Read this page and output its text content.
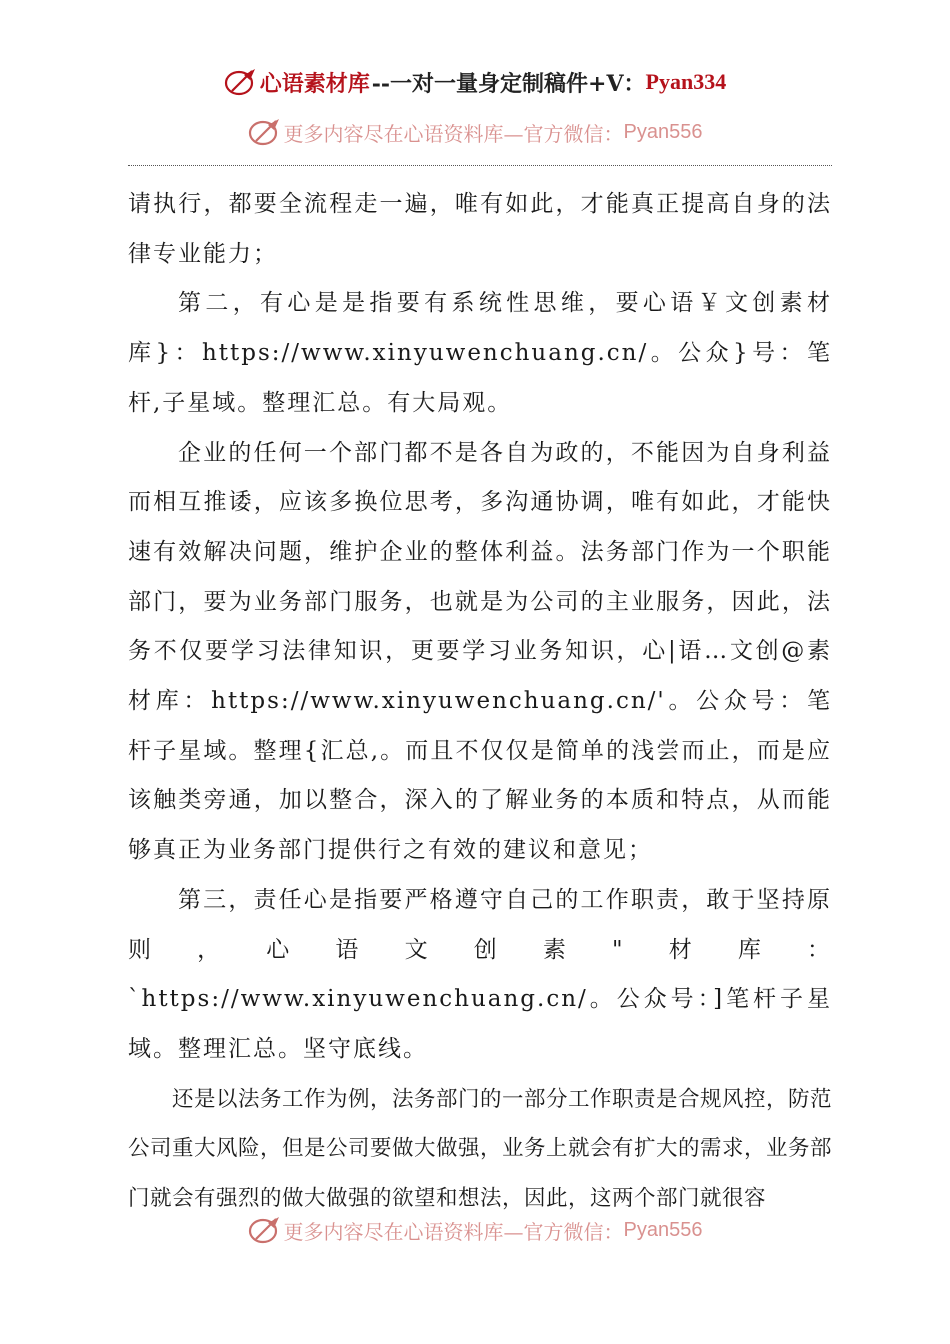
心语素材库 --一对一量身定制稿件+V： Pyan334
更多内容尽在心语资料库—官方微信： Pyan556

请执行，都要全流程走一遍，唯有如此，才能真正提高自身的法律专业能力；

第二，有心是是指要有系统性思维，要心语￥文创素材库}：https://www.xinyuwenchuang.cn/。公众}号：笔杆,子星域。整理汇总。有大局观。

企业的任何一个部门都不是各自为政的，不能因为自身利益而相互推诿，应该多换位思考，多沟通协调，唯有如此，才能快速有效解决问题，维护企业的整体利益。法务部门作为一个职能部门，要为业务部门服务，也就是为公司的主业服务，因此，法务不仅要学习法律知识，更要学习业务知识，心|语…文创@素材库：https://www.xinyuwenchuang.cn/'。公众号：笔杆子星域。整理{汇总,。而且不仅仅是简单的浅尝而止，而是应该触类旁通，加以整合，深入的了解业务的本质和特点，从而能够真正为业务部门提供行之有效的建议和意见；

第三，责任心是指要严格遵守自己的工作职责，敢于坚持原则，心语文创素"材库：`https://www.xinyuwenchuang.cn/。公众号：]笔杆子星域。整理汇总。坚守底线。

还是以法务工作为例，法务部门的一部分工作职责是合规风控，防范公司重大风险，但是公司要做大做强，业务上就会有扩大的需求，业务部门就会有强烈的做大做强的欲望和想法，因此，这两个部门就很容

更多内容尽在心语资料库—官方微信： Pyan556
